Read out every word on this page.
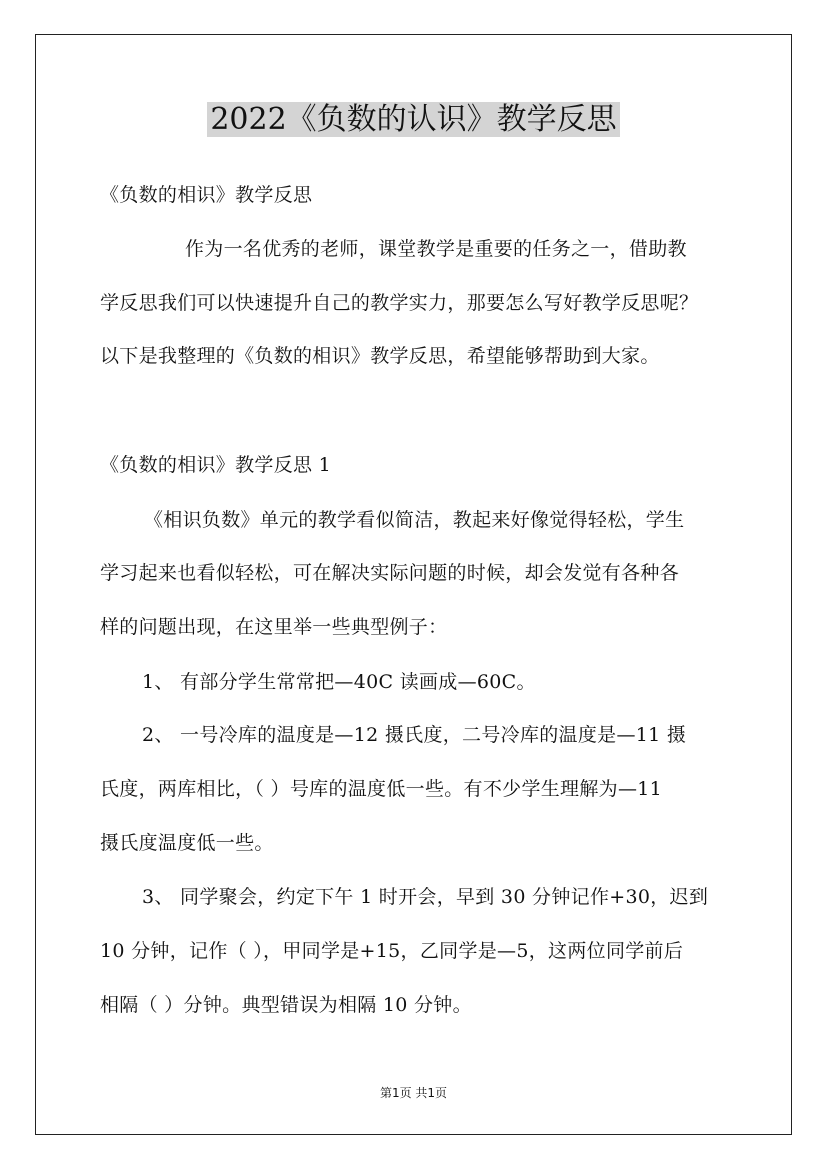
2022《负数的认识》教学反思
《负数的相识》教学反思
作为一名优秀的老师，课堂教学是重要的任务之一，借助教
学反思我们可以快速提升自己的教学实力，那要怎么写好教学反思呢？
以下是我整理的《负数的相识》教学反思，希望能够帮助到大家。
《负数的相识》教学反思 1
《相识负数》单元的教学看似简洁，教起来好像觉得轻松，学生
学习起来也看似轻松，可在解决实际问题的时候，却会发觉有各种各
样的问题出现，在这里举一些典型例子：
1、 有部分学生常常把—40C 读画成—60C。
2、 一号冷库的温度是—12 摄氏度，二号冷库的温度是—11 摄
氏度，两库相比，（ ）号库的温度低一些。有不少学生理解为—11
摄氏度温度低一些。
3、 同学聚会，约定下午 1 时开会，早到 30 分钟记作+30，迟到
10 分钟，记作（ ），甲同学是+15，乙同学是—5，这两位同学前后
相隔（ ）分钟。典型错误为相隔 10 分钟。
第1页 共1页
